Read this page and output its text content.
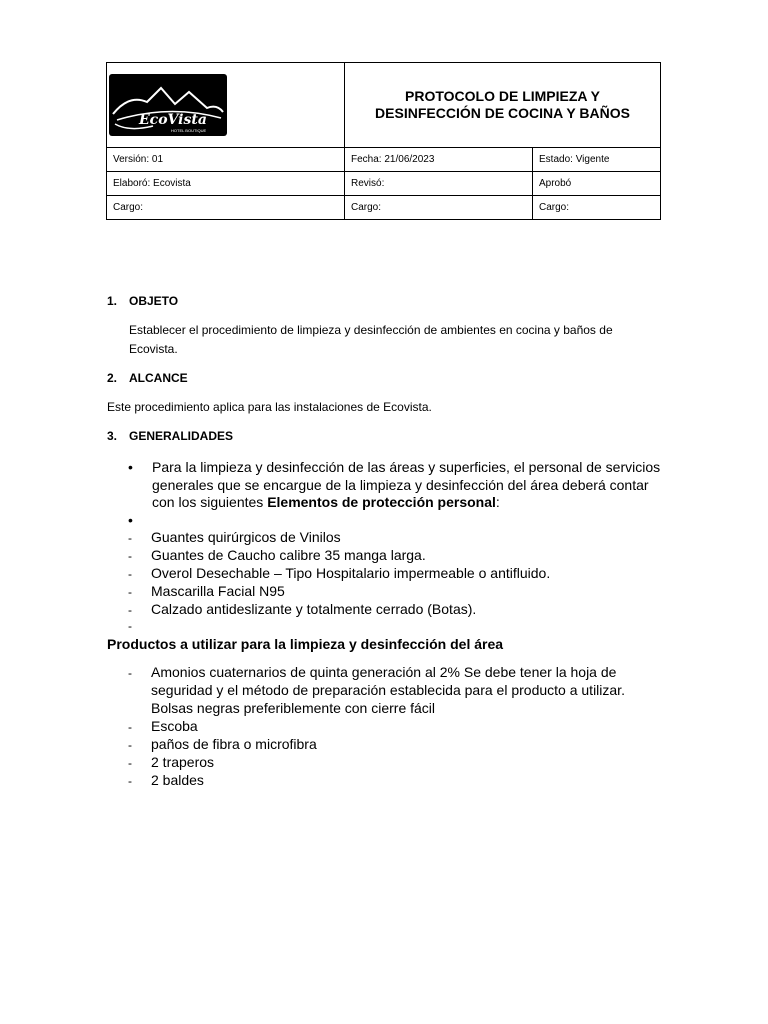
EcoVista
HOTEL BOUTIQUE	PROTOCOLO DE LIMPIEZA Y DESINFECCIÓN DE COCINA Y BAÑOS	
Versión: 01	Fecha: 21/06/2023	Estado: Vigente
Elaboró: Ecovista	Revisó:	Aprobó
Cargo:	Cargo:	Cargo:
1. OBJETO
Establecer el procedimiento de limpieza y desinfección de ambientes en cocina y baños de
Ecovista.
2. ALCANCE
Este procedimiento aplica para las instalaciones de Ecovista.
3. GENERALIDADES
• Para la limpieza y desinfección de las áreas y superficies, el personal de servicios
generales que se encargue de la limpieza y desinfección del área deberá contar
con los siguientes Elementos de protección personal:
•
- Guantes quirúrgicos de Vinilos
- Guantes de Caucho calibre 35 manga larga.
- Overol Desechable – Tipo Hospitalario impermeable o antifluido.
- Mascarilla Facial N95
- Calzado antideslizante y totalmente cerrado (Botas).
-
Productos a utilizar para la limpieza y desinfección del área
- Amonios cuaternarios de quinta generación al 2% Se debe tener la hoja de
seguridad y el método de preparación establecida para el producto a utilizar.
Bolsas negras preferiblemente con cierre fácil
- Escoba
- paños de fibra o microfibra
- 2 traperos
- 2 baldes
